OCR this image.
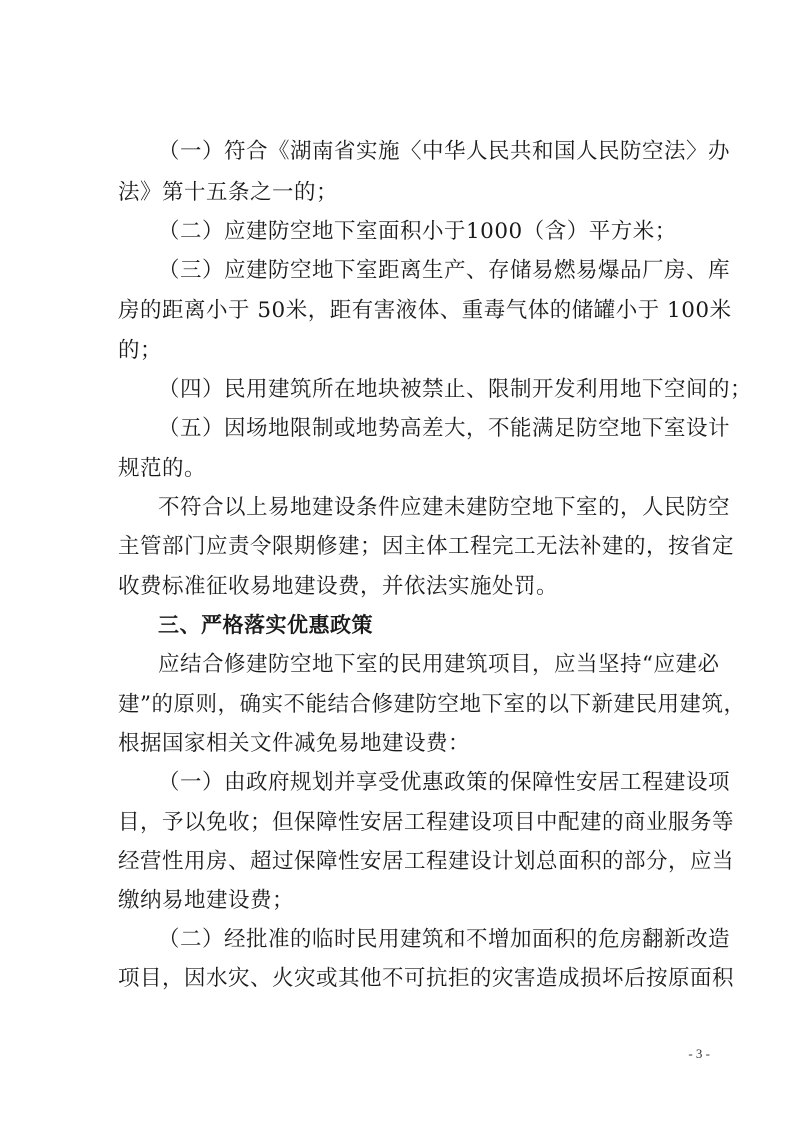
（一）符合《湖南省实施〈中华人民共和国人民防空法〉办
法》第十五条之一的；
（二）应建防空地下室面积小于1000（含）平方米；
（三）应建防空地下室距离生产、存储易燃易爆品厂房、库
房的距离小于 50米，距有害液体、重毒气体的储罐小于 100米
的；
（四）民用建筑所在地块被禁止、限制开发利用地下空间的；
（五）因场地限制或地势高差大，不能满足防空地下室设计
规范的。
不符合以上易地建设条件应建未建防空地下室的，人民防空
主管部门应责令限期修建；因主体工程完工无法补建的，按省定
收费标准征收易地建设费，并依法实施处罚。
三、严格落实优惠政策
应结合修建防空地下室的民用建筑项目，应当坚持“应建必
建”的原则，确实不能结合修建防空地下室的以下新建民用建筑，
根据国家相关文件减免易地建设费：
（一）由政府规划并享受优惠政策的保障性安居工程建设项
目，予以免收；但保障性安居工程建设项目中配建的商业服务等
经营性用房、超过保障性安居工程建设计划总面积的部分，应当
缴纳易地建设费；
（二）经批准的临时民用建筑和不增加面积的危房翻新改造
项目，因水灾、火灾或其他不可抗拒的灾害造成损坏后按原面积
- 3 -
